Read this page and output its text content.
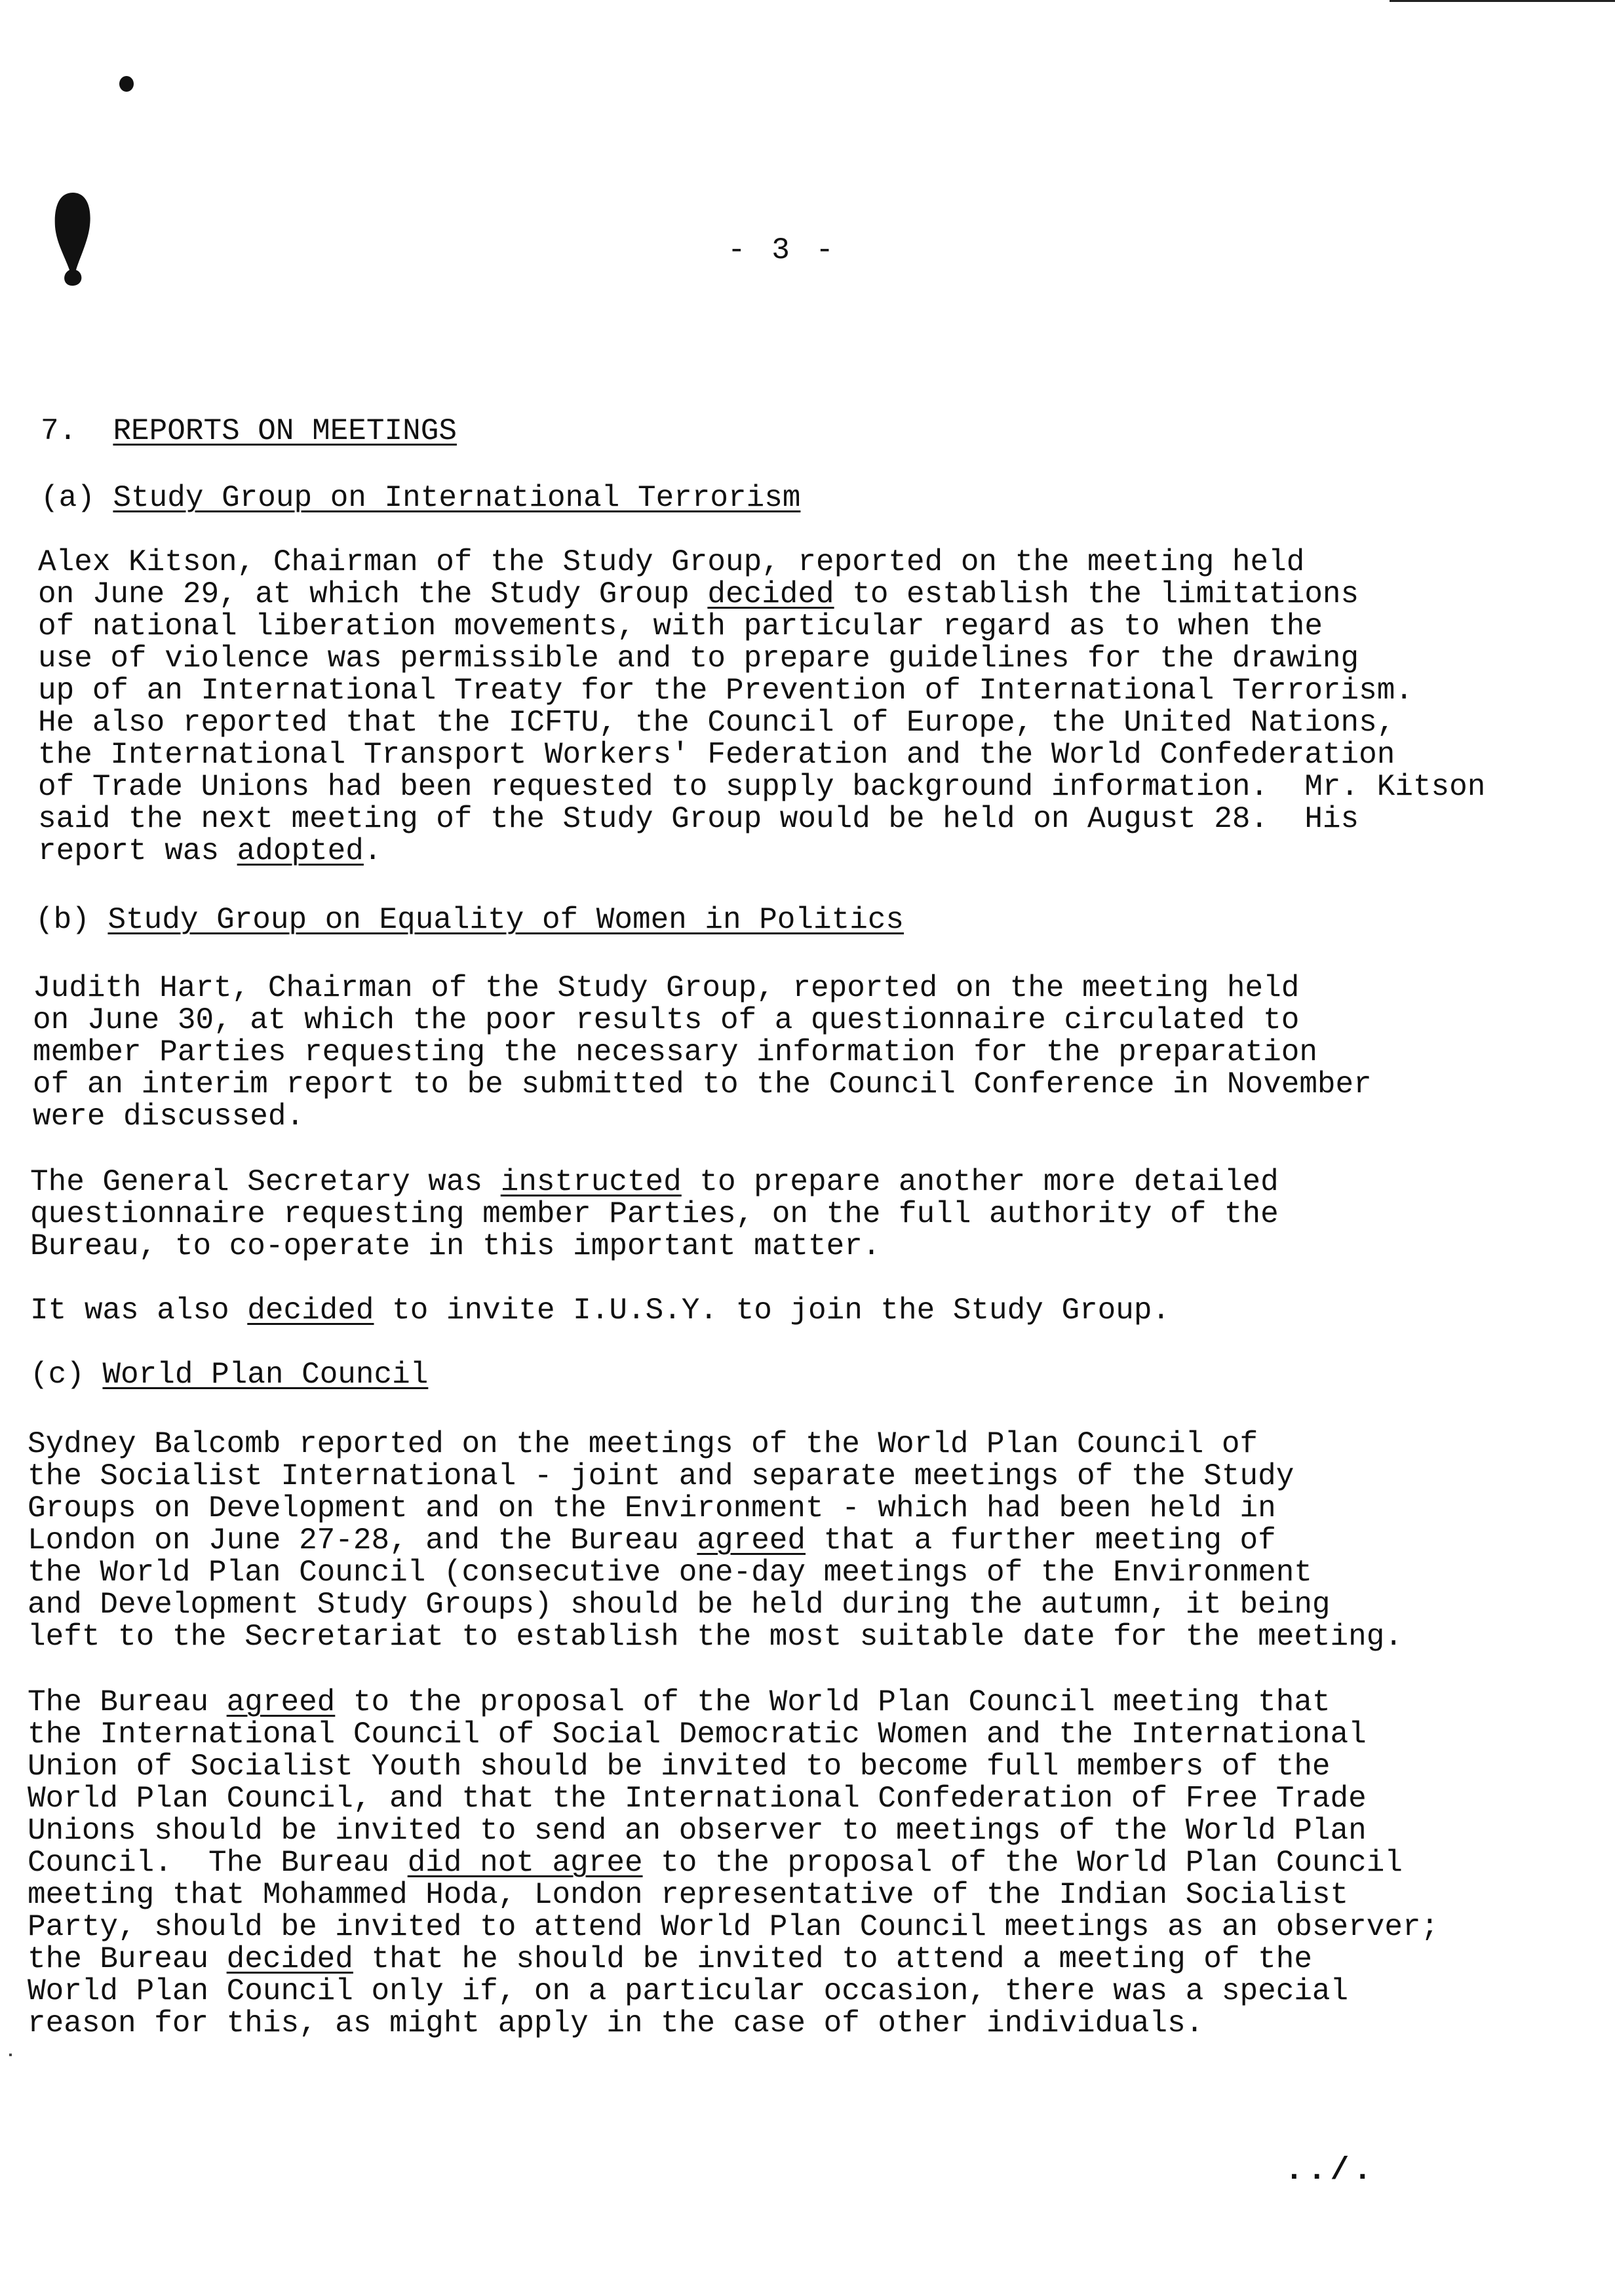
- 3 -
7. REPORTS ON MEETINGS
(a) Study Group on International Terrorism

Alex Kitson, Chairman of the Study Group, reported on the meeting held

on June 29, at which the Study Group decided to establish the limitations

of national liberation movements, with particular regard as to when the

use of violence was permissible and to prepare guidelines for the drawing

up of an International Treaty for the Prevention of International Terrorism.

He also reported that the ICFTU, the Council of Europe, the United Nations,

the International Transport Workers' Federation and the World Confederation

of Trade Unions had been requested to supply background information.  Mr. Kitson

said the next meeting of the Study Group would be held on August 28.  His

report was adopted.

(b) Study Group on Equality of Women in Politics

Judith Hart, Chairman of the Study Group, reported on the meeting held

on June 30, at which the poor results of a questionnaire circulated to

member Parties requesting the necessary information for the preparation

of an interim report to be submitted to the Council Conference in November

were discussed.

The General Secretary was instructed to prepare another more detailed

questionnaire requesting member Parties, on the full authority of the

Bureau, to co-operate in this important matter.

It was also decided to invite I.U.S.Y. to join the Study Group.

(c) World Plan Council

Sydney Balcomb reported on the meetings of the World Plan Council of

the Socialist International - joint and separate meetings of the Study

Groups on Development and on the Environment - which had been held in

London on June 27-28, and the Bureau agreed that a further meeting of

the World Plan Council (consecutive one-day meetings of the Environment

and Development Study Groups) should be held during the autumn, it being

left to the Secretariat to establish the most suitable date for the meeting.

The Bureau agreed to the proposal of the World Plan Council meeting that

the International Council of Social Democratic Women and the International

Union of Socialist Youth should be invited to become full members of the

World Plan Council, and that the International Confederation of Free Trade

Unions should be invited to send an observer to meetings of the World Plan

Council.  The Bureau did not agree to the proposal of the World Plan Council

meeting that Mohammed Hoda, London representative of the Indian Socialist

Party, should be invited to attend World Plan Council meetings as an observer;

the Bureau decided that he should be invited to attend a meeting of the

World Plan Council only if, on a particular occasion, there was a special

reason for this, as might apply in the case of other individuals.

../.
